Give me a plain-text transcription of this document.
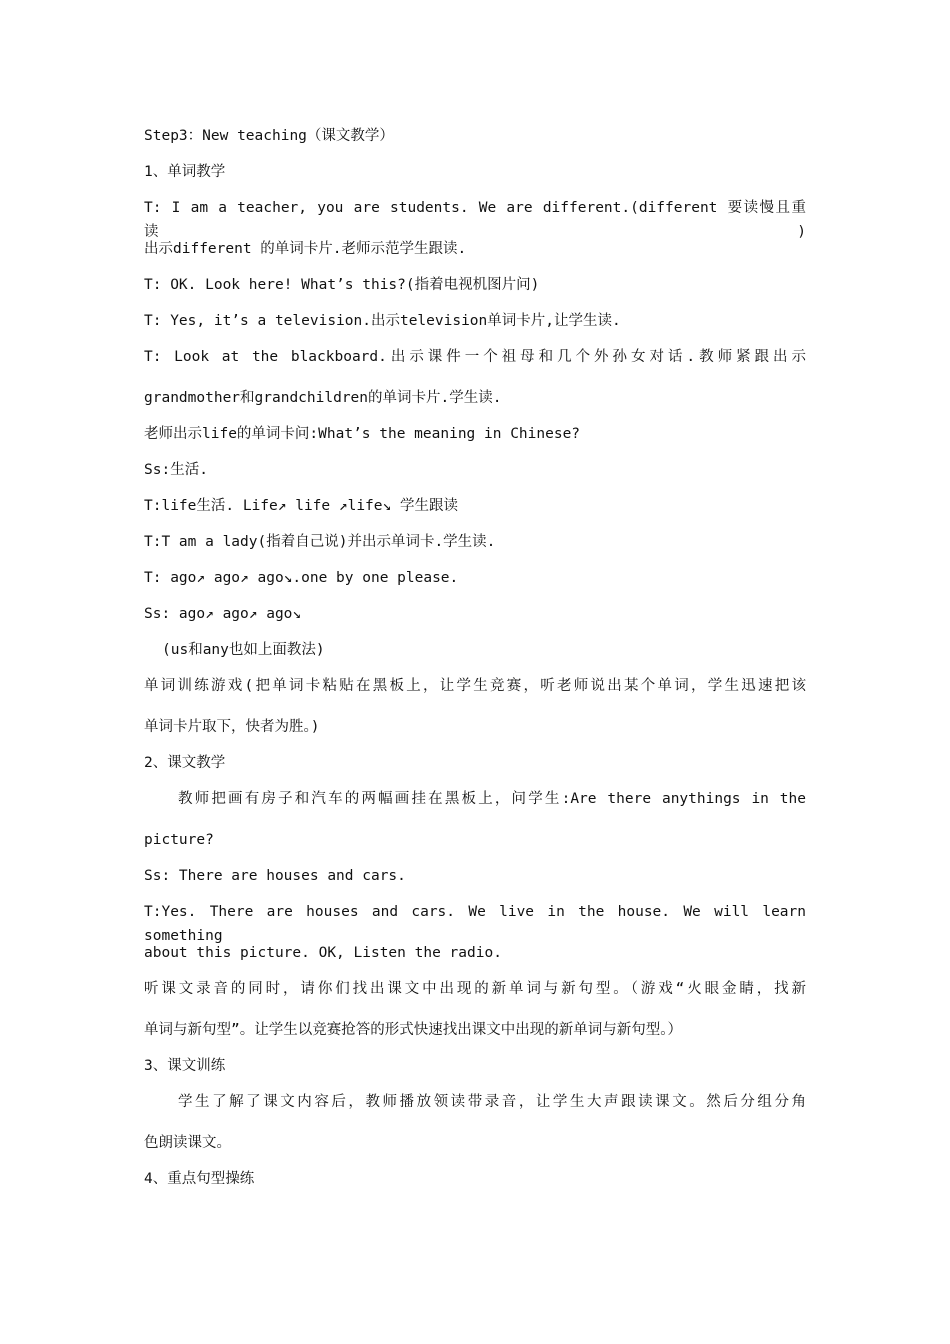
Step3：New teaching（课文教学）
1、单词教学
T: I am a teacher, you are students. We are different.(different 要读慢且重读)
出示different 的单词卡片.老师示范学生跟读.
T: OK. Look here! What’s this?(指着电视机图片问)
T: Yes, it’s a television.出示television单词卡片,让学生读.
T: Look at the blackboard.出示课件一个祖母和几个外孙女对话.教师紧跟出示
grandmother和grandchildren的单词卡片.学生读.
老师出示life的单词卡问:What’s the meaning in Chinese?
Ss:生活.
T:life生活. Life↗ life ↗life↘ 学生跟读
T:T am a lady(指着自己说)并出示单词卡.学生读.
T: ago↗ ago↗ ago↘.one by one please.
Ss: ago↗ ago↗ ago↘
(us和any也如上面教法)
单词训练游戏(把单词卡粘贴在黑板上，让学生竞赛，听老师说出某个单词，学生迅速把该
单词卡片取下，快者为胜。)
2、课文教学
教师把画有房子和汽车的两幅画挂在黑板上，问学生:Are there anythings in the
picture?
Ss: There are houses and cars.
T:Yes. There are houses and cars. We live in the house. We will learn something
about this picture. OK, Listen the radio.
听课文录音的同时，请你们找出课文中出现的新单词与新句型。（游戏“火眼金睛，找新
单词与新句型”。让学生以竞赛抢答的形式快速找出课文中出现的新单词与新句型。）
3、课文训练
学生了解了课文内容后，教师播放领读带录音，让学生大声跟读课文。然后分组分角
色朗读课文。
4、重点句型操练
